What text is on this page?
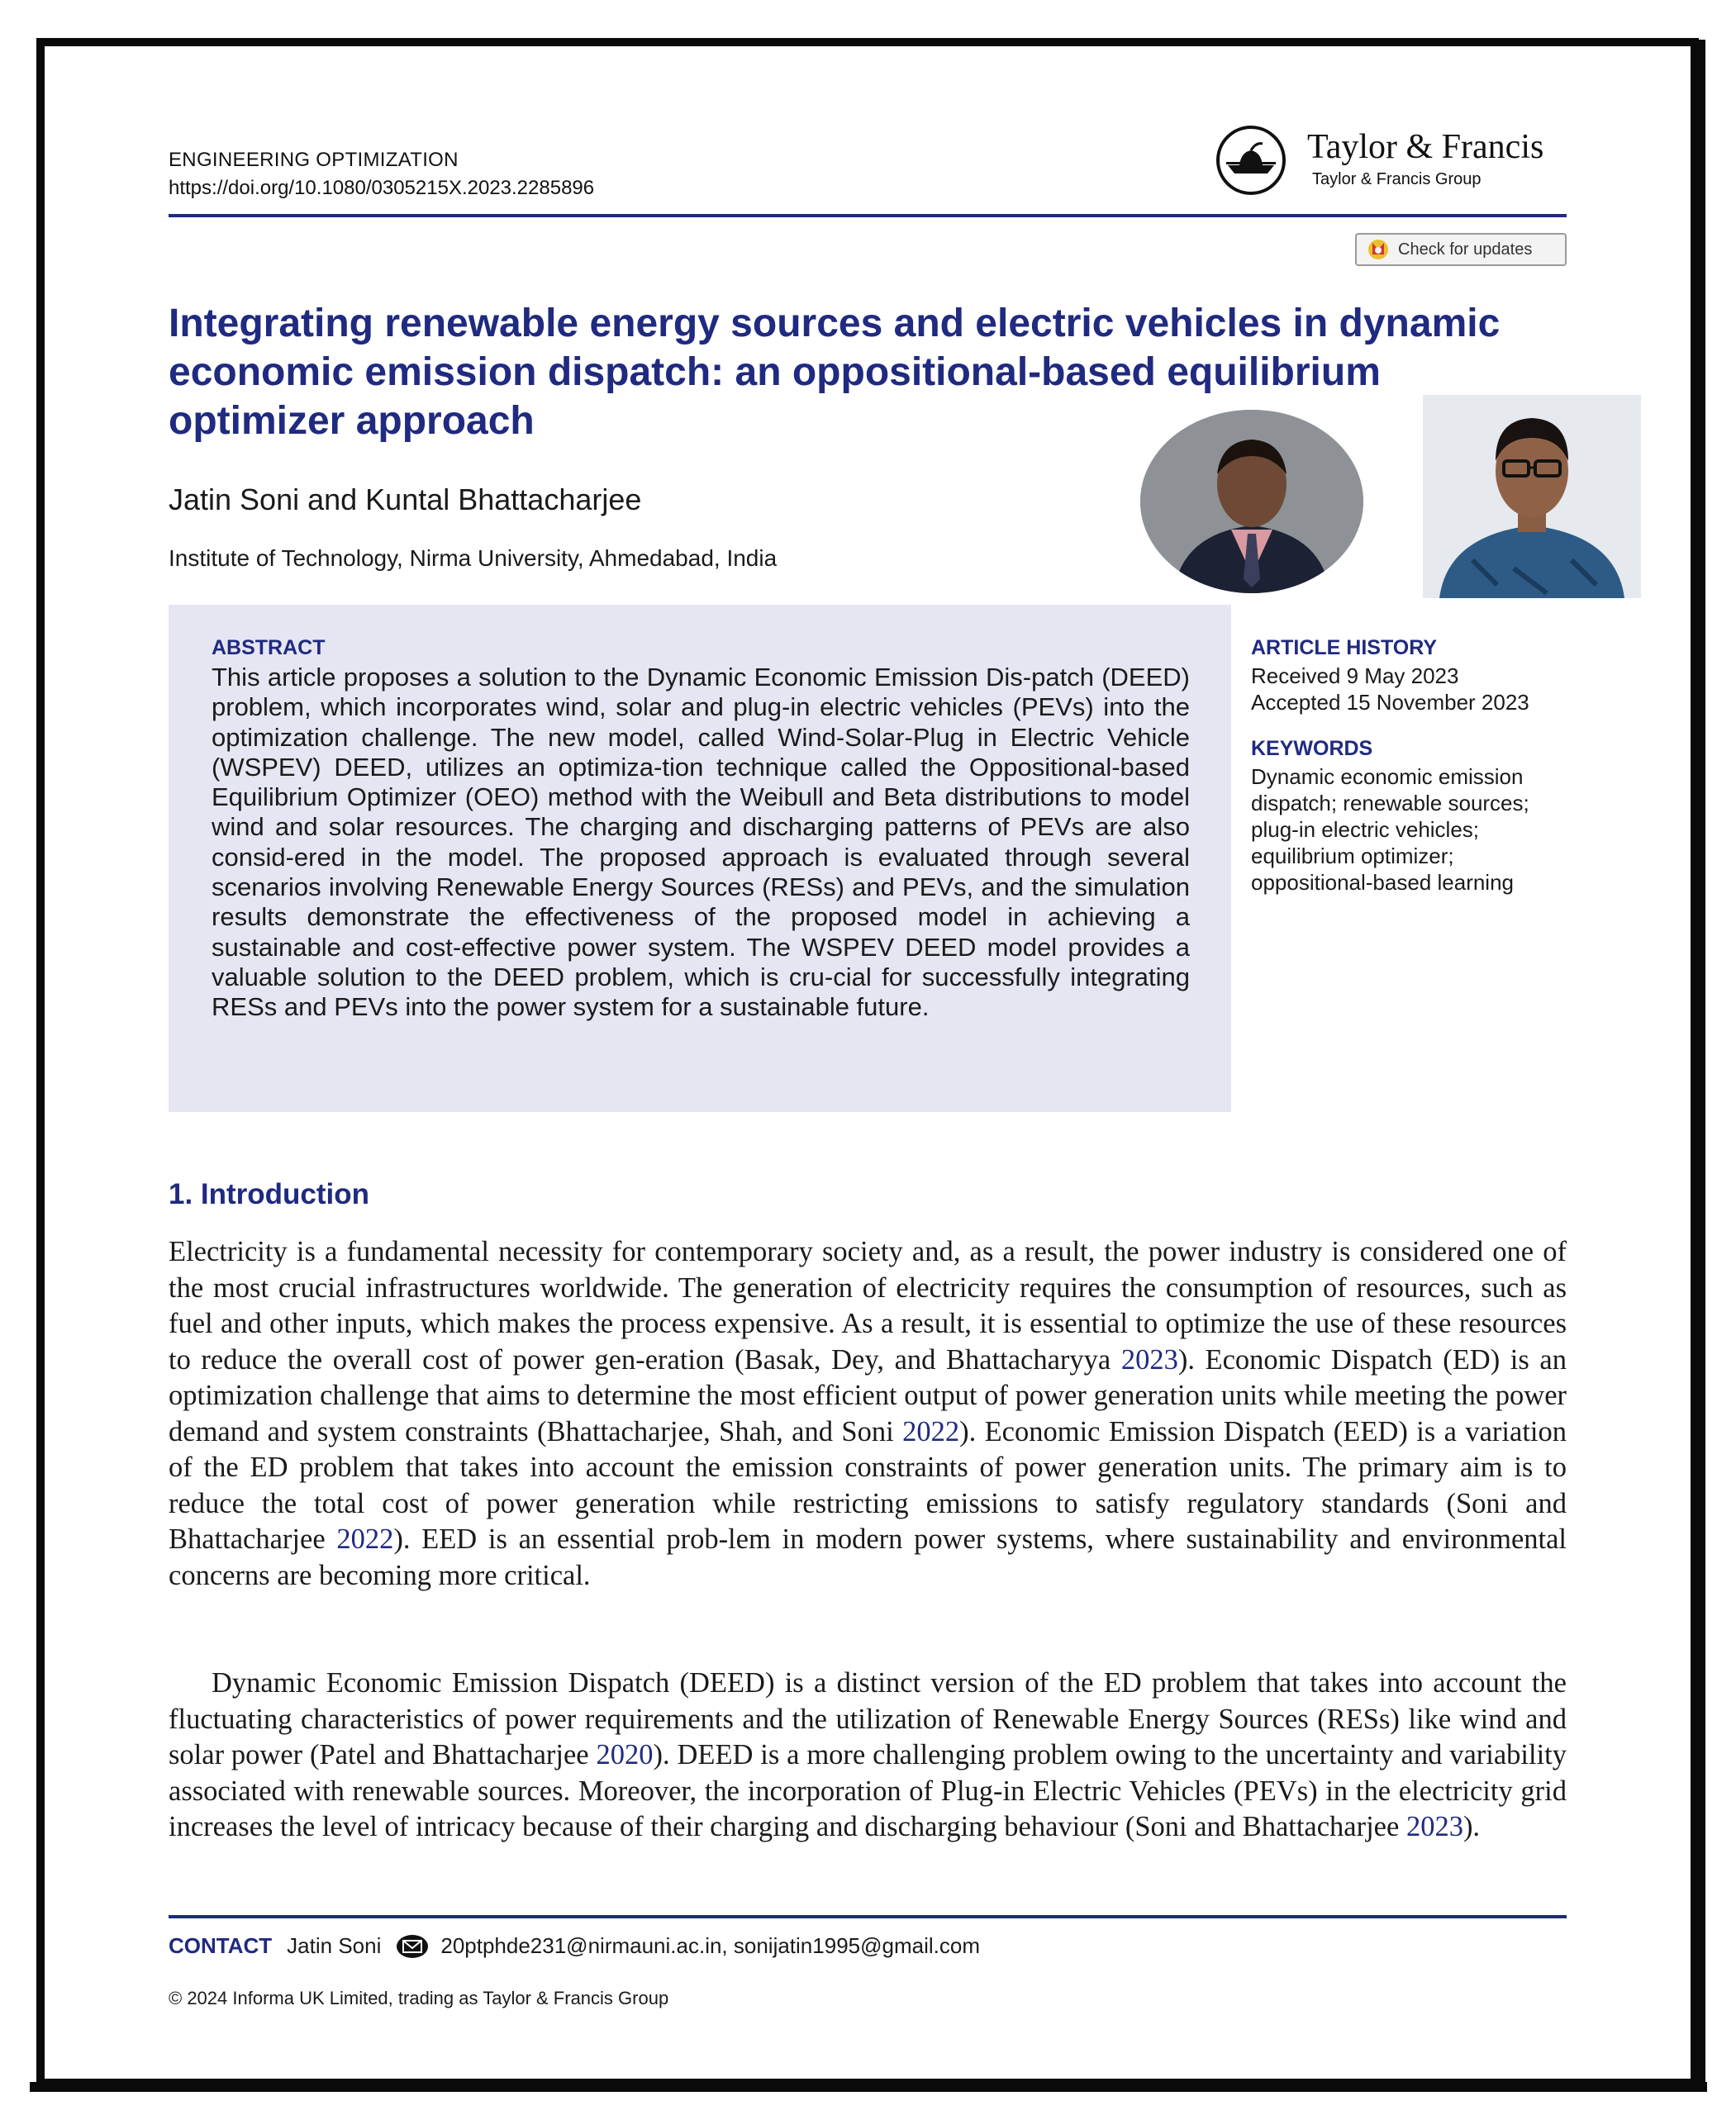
ENGINEERING OPTIMIZATION
https://doi.org/10.1080/0305215X.2023.2285896
Taylor & Francis
Taylor & Francis Group
Check for updates
Integrating renewable energy sources and electric vehicles in dynamic economic emission dispatch: an oppositional-based equilibrium optimizer approach
Jatin Soni and Kuntal Bhattacharjee
Institute of Technology, Nirma University, Ahmedabad, India
ABSTRACT

This article proposes a solution to the Dynamic Economic Emission Dis-patch (DEED) problem, which incorporates wind, solar and plug-in electric vehicles (PEVs) into the optimization challenge. The new model, called Wind-Solar-Plug in Electric Vehicle (WSPEV) DEED, utilizes an optimiza-tion technique called the Oppositional-based Equilibrium Optimizer (OEO) method with the Weibull and Beta distributions to model wind and solar resources. The charging and discharging patterns of PEVs are also consid-ered in the model. The proposed approach is evaluated through several scenarios involving Renewable Energy Sources (RESs) and PEVs, and the simulation results demonstrate the effectiveness of the proposed model in achieving a sustainable and cost-effective power system. The WSPEV DEED model provides a valuable solution to the DEED problem, which is cru-cial for successfully integrating RESs and PEVs into the power system for a sustainable future.

ARTICLE HISTORY
Received 9 May 2023
Accepted 15 November 2023
KEYWORDS
Dynamic economic emission
dispatch; renewable sources;
plug-in electric vehicles;
equilibrium optimizer;
oppositional-based learning
1. Introduction

Electricity is a fundamental necessity for contemporary society and, as a result, the power industry is considered one of the most crucial infrastructures worldwide. The generation of electricity requires the consumption of resources, such as fuel and other inputs, which makes the process expensive. As a result, it is essential to optimize the use of these resources to reduce the overall cost of power gen-eration (Basak, Dey, and Bhattacharyya 2023). Economic Dispatch (ED) is an optimization challenge that aims to determine the most efficient output of power generation units while meeting the power demand and system constraints (Bhattacharjee, Shah, and Soni 2022). Economic Emission Dispatch (EED) is a variation of the ED problem that takes into account the emission constraints of power generation units. The primary aim is to reduce the total cost of power generation while restricting emissions to satisfy regulatory standards (Soni and Bhattacharjee 2022). EED is an essential prob-lem in modern power systems, where sustainability and environmental concerns are becoming more critical.

Dynamic Economic Emission Dispatch (DEED) is a distinct version of the ED problem that takes into account the fluctuating characteristics of power requirements and the utilization of Renewable Energy Sources (RESs) like wind and solar power (Patel and Bhattacharjee 2020). DEED is a more challenging problem owing to the uncertainty and variability associated with renewable sources. Moreover, the incorporation of Plug-in Electric Vehicles (PEVs) in the electricity grid increases the level of intricacy because of their charging and discharging behaviour (Soni and Bhattacharjee 2023).

CONTACT Jatin Soni	20ptphde231@nirmauni.ac.in, sonijatin1995@gmail.com
© 2024 Informa UK Limited, trading as Taylor & Francis Group
